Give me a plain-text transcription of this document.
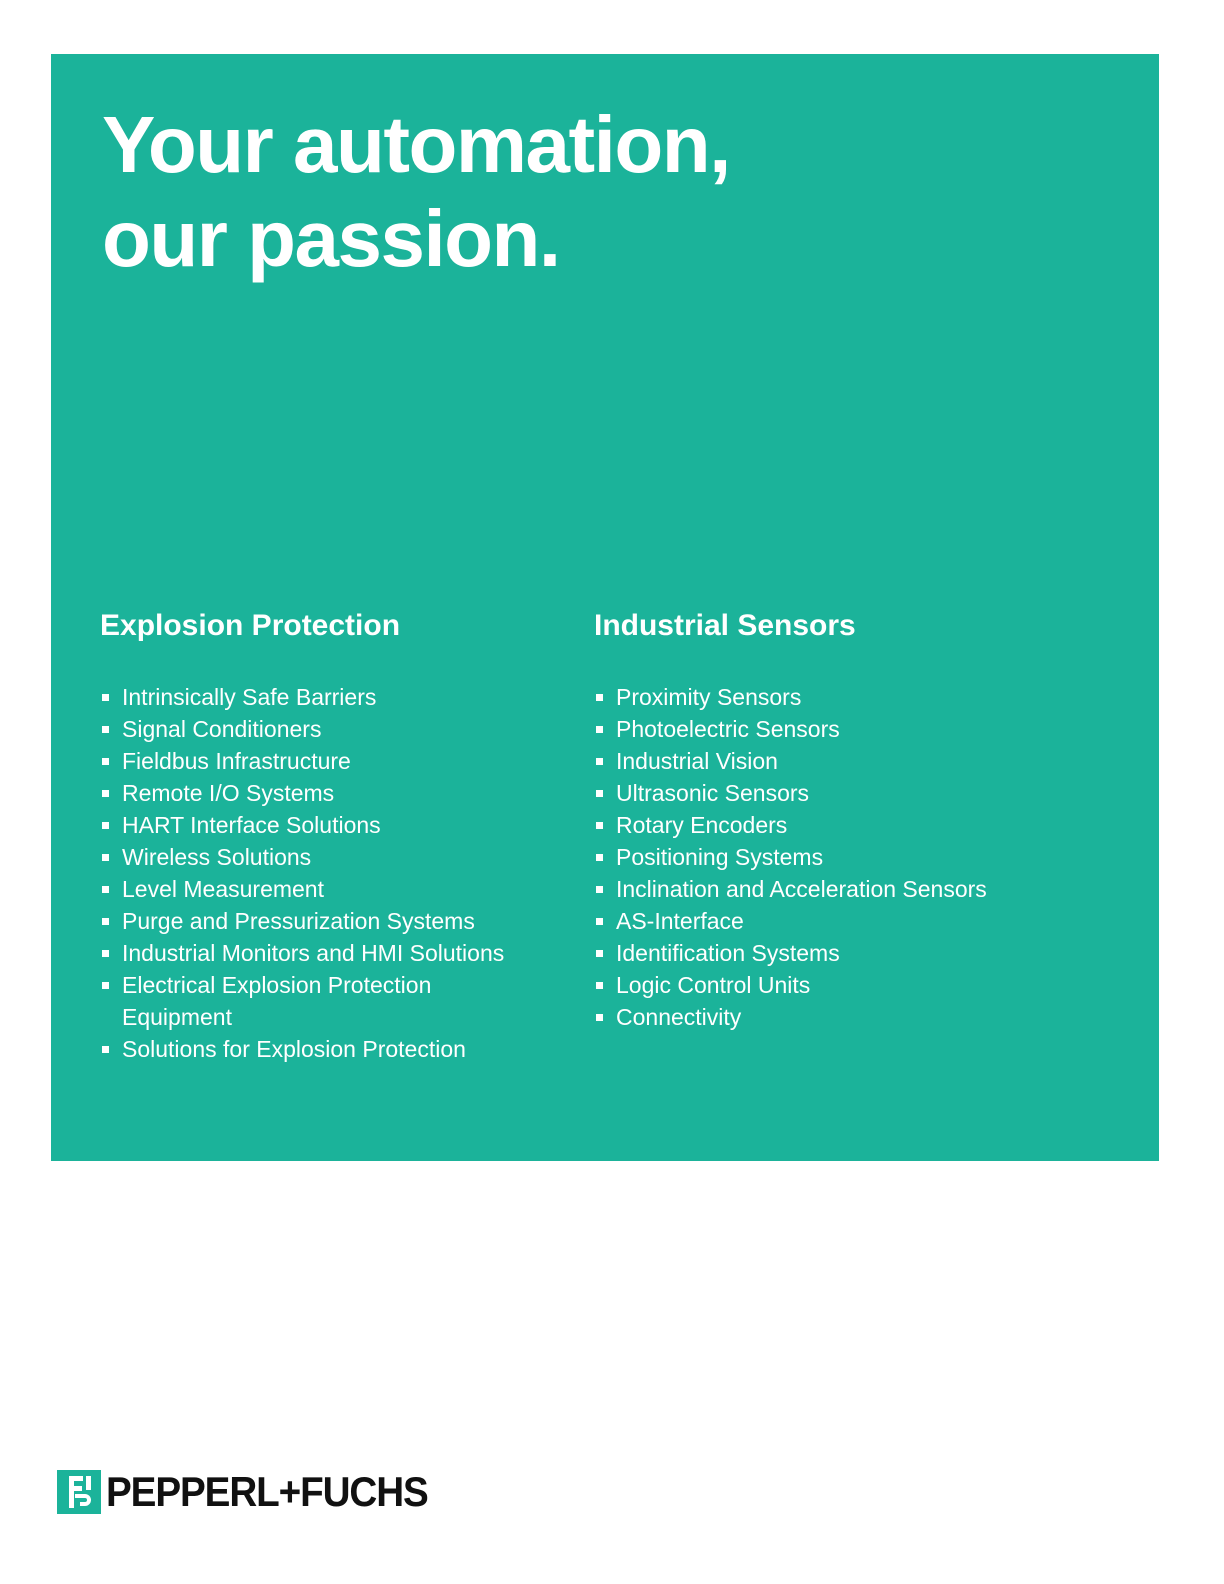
Your automation,
our passion.
Explosion Protection
Intrinsically Safe Barriers
Signal Conditioners
Fieldbus Infrastructure
Remote I/O Systems
HART Interface Solutions
Wireless Solutions
Level Measurement
Purge and Pressurization Systems
Industrial Monitors and HMI Solutions
Electrical Explosion Protection Equipment
Solutions for Explosion Protection
Industrial Sensors
Proximity Sensors
Photoelectric Sensors
Industrial Vision
Ultrasonic Sensors
Rotary Encoders
Positioning Systems
Inclination and Acceleration Sensors
AS-Interface
Identification Systems
Logic Control Units
Connectivity
PEPPERL+FUCHS
